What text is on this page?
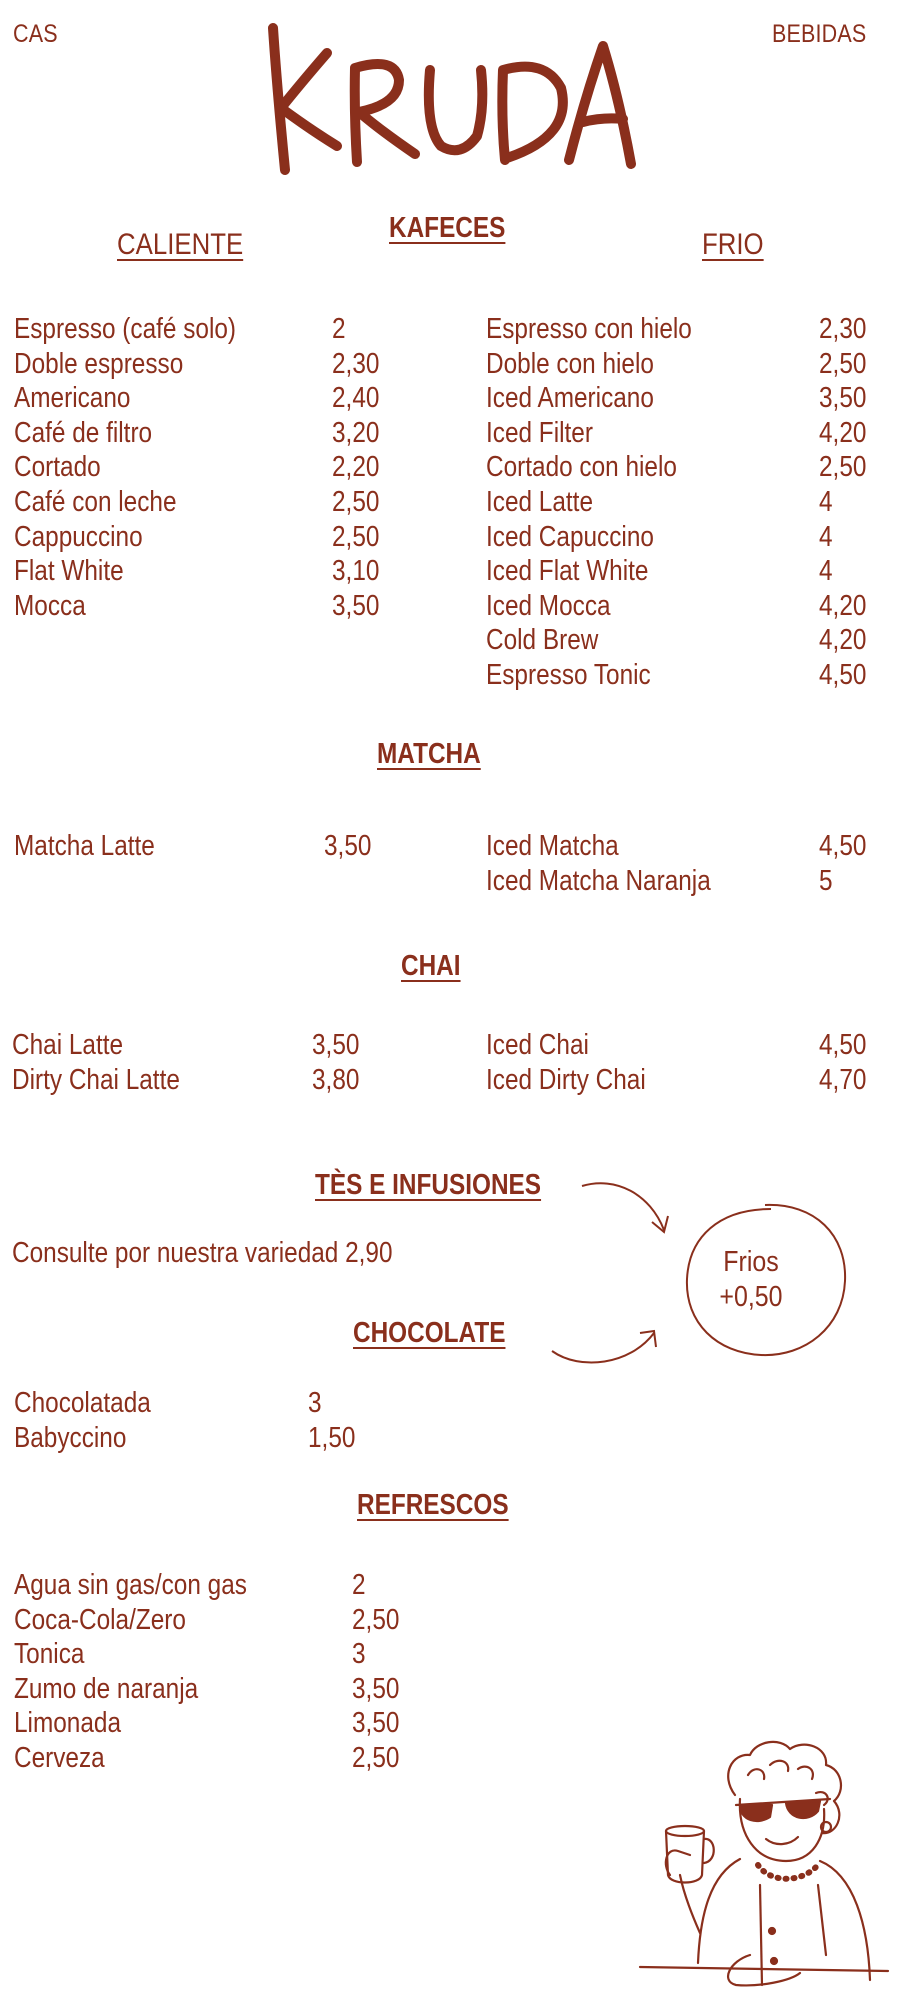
CAS	BEBIDAS
KAFECES
CALIENTE	FRIO
Espresso (café solo)	2
Doble espresso	2,30
Americano	2,40
Café de filtro	3,20
Cortado	2,20
Café con leche	2,50
Cappuccino	2,50
Flat White	3,10
Mocca	3,50
Espresso con hielo	2,30
Doble con hielo	2,50
Iced Americano	3,50
Iced Filter	4,20
Cortado con hielo	2,50
Iced Latte	4
Iced Capuccino	4
Iced Flat White	4
Iced Mocca	4,20
Cold Brew	4,20
Espresso Tonic	4,50
MATCHA
Matcha Latte	3,50	Iced Matcha	4,50
Iced Matcha Naranja	5
CHAI
Chai Latte	3,50
Dirty Chai Latte	3,80
Iced Chai	4,50
Iced Dirty Chai	4,70
TÈS E INFUSIONES
Consulte por nuestra variedad 2,90	Frios
+0,50
CHOCOLATE
Chocolatada	3
Babyccino	1,50
REFRESCOS
Agua sin gas/con gas	2
Coca-Cola/Zero	2,50
Tonica	3
Zumo de naranja	3,50
Limonada	3,50
Cerveza	2,50
